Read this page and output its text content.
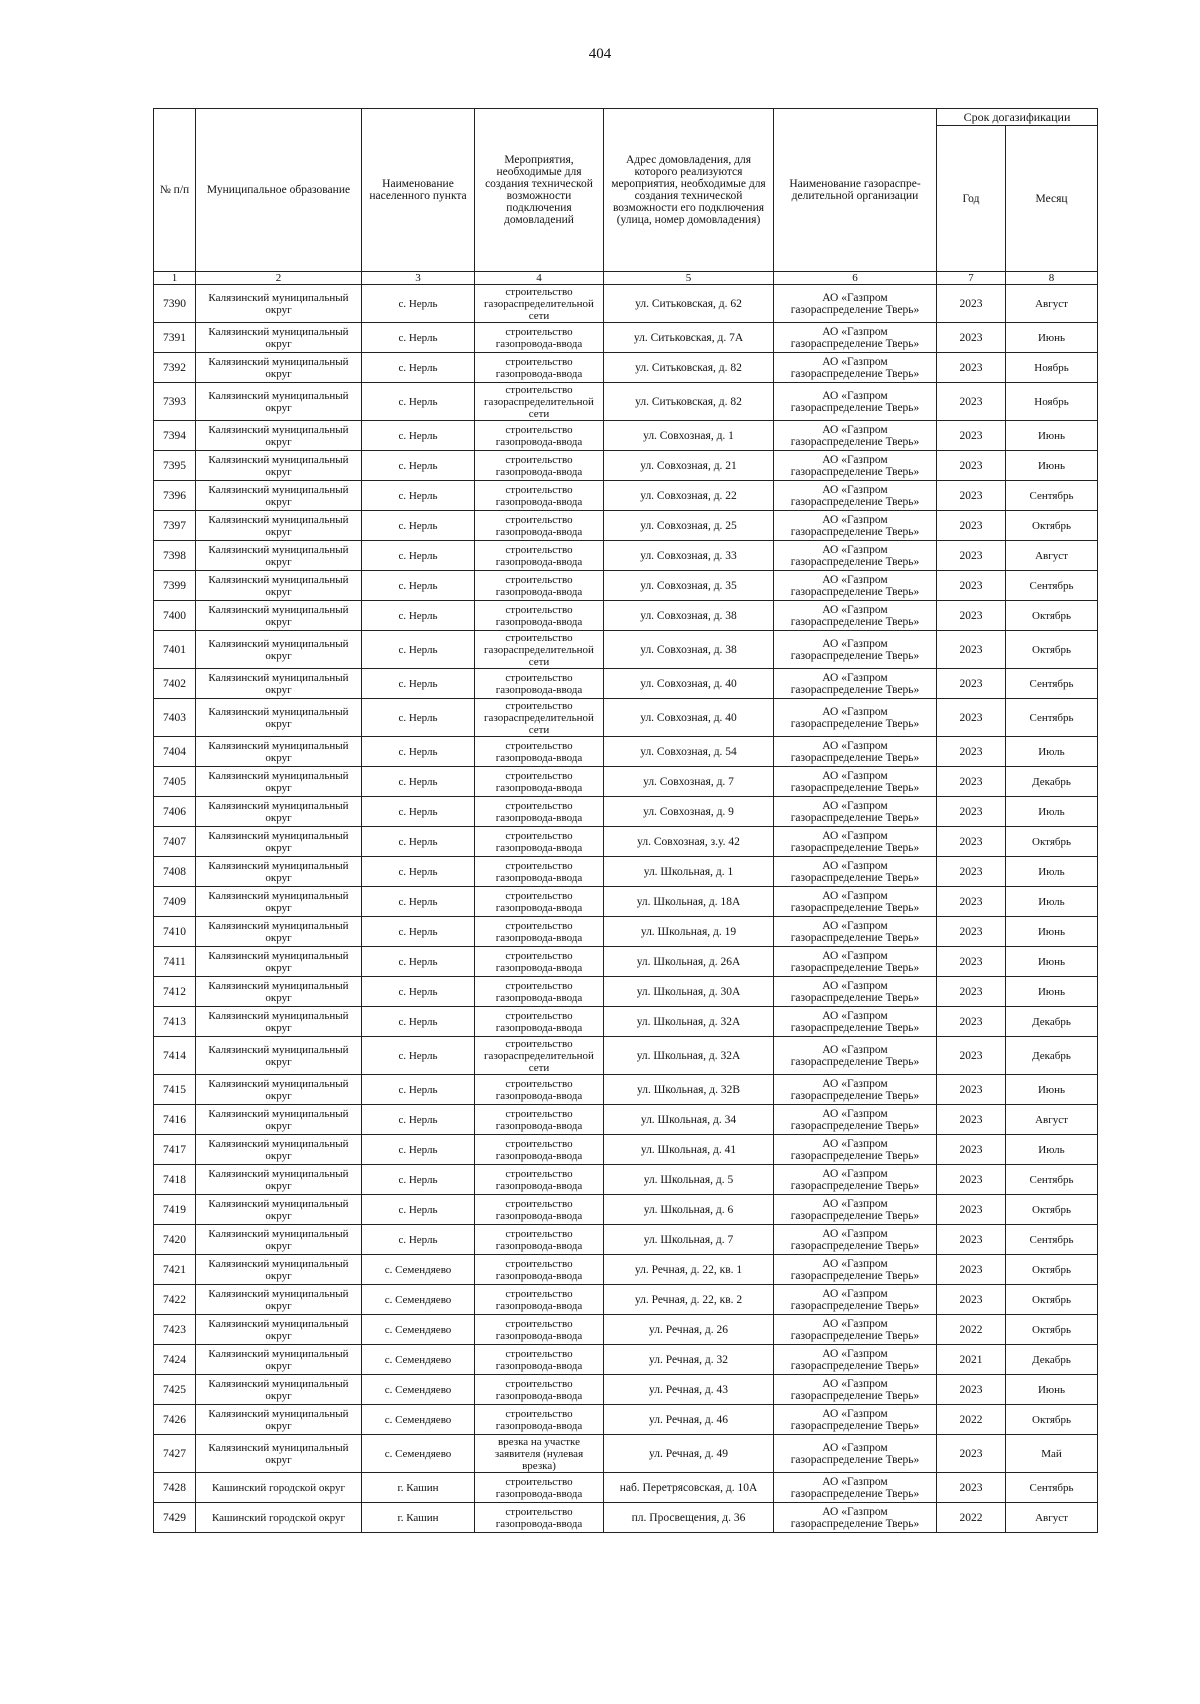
404
№ п/п	Муниципальное образование	Наименование населенного пункта	Мероприятия, необходимые для создания технической возможности подключения домовладений	Адрес домовладения, для которого реализуются мероприятия, необходимые для создания технической возможности его подключения (улица, номер домовладения)	Наименование газораспре-делительной организации	Срок догазификации	
						Год	Месяц
1	2	3	4	5	6	7	8
7390	Калязинский муниципальный округ	с. Нерль	строительство газораспределительной сети	ул. Ситьковская, д. 62	АО «Газпром газораспределение Тверь»	2023	Август
7391	Калязинский муниципальный округ	с. Нерль	строительство газопровода-ввода	ул. Ситьковская, д. 7А	АО «Газпром газораспределение Тверь»	2023	Июнь
7392	Калязинский муниципальный округ	с. Нерль	строительство газопровода-ввода	ул. Ситьковская, д. 82	АО «Газпром газораспределение Тверь»	2023	Ноябрь
7393	Калязинский муниципальный округ	с. Нерль	строительство газораспределительной сети	ул. Ситьковская, д. 82	АО «Газпром газораспределение Тверь»	2023	Ноябрь
7394	Калязинский муниципальный округ	с. Нерль	строительство газопровода-ввода	ул. Совхозная, д. 1	АО «Газпром газораспределение Тверь»	2023	Июнь
7395	Калязинский муниципальный округ	с. Нерль	строительство газопровода-ввода	ул. Совхозная, д. 21	АО «Газпром газораспределение Тверь»	2023	Июнь
7396	Калязинский муниципальный округ	с. Нерль	строительство газопровода-ввода	ул. Совхозная, д. 22	АО «Газпром газораспределение Тверь»	2023	Сентябрь
7397	Калязинский муниципальный округ	с. Нерль	строительство газопровода-ввода	ул. Совхозная, д. 25	АО «Газпром газораспределение Тверь»	2023	Октябрь
7398	Калязинский муниципальный округ	с. Нерль	строительство газопровода-ввода	ул. Совхозная, д. 33	АО «Газпром газораспределение Тверь»	2023	Август
7399	Калязинский муниципальный округ	с. Нерль	строительство газопровода-ввода	ул. Совхозная, д. 35	АО «Газпром газораспределение Тверь»	2023	Сентябрь
7400	Калязинский муниципальный округ	с. Нерль	строительство газопровода-ввода	ул. Совхозная, д. 38	АО «Газпром газораспределение Тверь»	2023	Октябрь
7401	Калязинский муниципальный округ	с. Нерль	строительство газораспределительной сети	ул. Совхозная, д. 38	АО «Газпром газораспределение Тверь»	2023	Октябрь
7402	Калязинский муниципальный округ	с. Нерль	строительство газопровода-ввода	ул. Совхозная, д. 40	АО «Газпром газораспределение Тверь»	2023	Сентябрь
7403	Калязинский муниципальный округ	с. Нерль	строительство газораспределительной сети	ул. Совхозная, д. 40	АО «Газпром газораспределение Тверь»	2023	Сентябрь
7404	Калязинский муниципальный округ	с. Нерль	строительство газопровода-ввода	ул. Совхозная, д. 54	АО «Газпром газораспределение Тверь»	2023	Июль
7405	Калязинский муниципальный округ	с. Нерль	строительство газопровода-ввода	ул. Совхозная, д. 7	АО «Газпром газораспределение Тверь»	2023	Декабрь
7406	Калязинский муниципальный округ	с. Нерль	строительство газопровода-ввода	ул. Совхозная, д. 9	АО «Газпром газораспределение Тверь»	2023	Июль
7407	Калязинский муниципальный округ	с. Нерль	строительство газопровода-ввода	ул. Совхозная, з.у. 42	АО «Газпром газораспределение Тверь»	2023	Октябрь
7408	Калязинский муниципальный округ	с. Нерль	строительство газопровода-ввода	ул. Школьная, д. 1	АО «Газпром газораспределение Тверь»	2023	Июль
7409	Калязинский муниципальный округ	с. Нерль	строительство газопровода-ввода	ул. Школьная, д. 18А	АО «Газпром газораспределение Тверь»	2023	Июль
7410	Калязинский муниципальный округ	с. Нерль	строительство газопровода-ввода	ул. Школьная, д. 19	АО «Газпром газораспределение Тверь»	2023	Июнь
7411	Калязинский муниципальный округ	с. Нерль	строительство газопровода-ввода	ул. Школьная, д. 26А	АО «Газпром газораспределение Тверь»	2023	Июнь
7412	Калязинский муниципальный округ	с. Нерль	строительство газопровода-ввода	ул. Школьная, д. 30А	АО «Газпром газораспределение Тверь»	2023	Июнь
7413	Калязинский муниципальный округ	с. Нерль	строительство газопровода-ввода	ул. Школьная, д. 32А	АО «Газпром газораспределение Тверь»	2023	Декабрь
7414	Калязинский муниципальный округ	с. Нерль	строительство газораспределительной сети	ул. Школьная, д. 32А	АО «Газпром газораспределение Тверь»	2023	Декабрь
7415	Калязинский муниципальный округ	с. Нерль	строительство газопровода-ввода	ул. Школьная, д. 32В	АО «Газпром газораспределение Тверь»	2023	Июнь
7416	Калязинский муниципальный округ	с. Нерль	строительство газопровода-ввода	ул. Школьная, д. 34	АО «Газпром газораспределение Тверь»	2023	Август
7417	Калязинский муниципальный округ	с. Нерль	строительство газопровода-ввода	ул. Школьная, д. 41	АО «Газпром газораспределение Тверь»	2023	Июль
7418	Калязинский муниципальный округ	с. Нерль	строительство газопровода-ввода	ул. Школьная, д. 5	АО «Газпром газораспределение Тверь»	2023	Сентябрь
7419	Калязинский муниципальный округ	с. Нерль	строительство газопровода-ввода	ул. Школьная, д. 6	АО «Газпром газораспределение Тверь»	2023	Октябрь
7420	Калязинский муниципальный округ	с. Нерль	строительство газопровода-ввода	ул. Школьная, д. 7	АО «Газпром газораспределение Тверь»	2023	Сентябрь
7421	Калязинский муниципальный округ	с. Семендяево	строительство газопровода-ввода	ул. Речная, д. 22, кв. 1	АО «Газпром газораспределение Тверь»	2023	Октябрь
7422	Калязинский муниципальный округ	с. Семендяево	строительство газопровода-ввода	ул. Речная, д. 22, кв. 2	АО «Газпром газораспределение Тверь»	2023	Октябрь
7423	Калязинский муниципальный округ	с. Семендяево	строительство газопровода-ввода	ул. Речная, д. 26	АО «Газпром газораспределение Тверь»	2022	Октябрь
7424	Калязинский муниципальный округ	с. Семендяево	строительство газопровода-ввода	ул. Речная, д. 32	АО «Газпром газораспределение Тверь»	2021	Декабрь
7425	Калязинский муниципальный округ	с. Семендяево	строительство газопровода-ввода	ул. Речная, д. 43	АО «Газпром газораспределение Тверь»	2023	Июнь
7426	Калязинский муниципальный округ	с. Семендяево	строительство газопровода-ввода	ул. Речная, д. 46	АО «Газпром газораспределение Тверь»	2022	Октябрь
7427	Калязинский муниципальный округ	с. Семендяево	врезка на участке заявителя (нулевая врезка)	ул. Речная, д. 49	АО «Газпром газораспределение Тверь»	2023	Май
7428	Кашинский городской округ	г. Кашин	строительство газопровода-ввода	наб. Перетрясовская, д. 10А	АО «Газпром газораспределение Тверь»	2023	Сентябрь
7429	Кашинский городской округ	г. Кашин	строительство газопровода-ввода	пл. Просвещения, д. 36	АО «Газпром газораспределение Тверь»	2022	Август
